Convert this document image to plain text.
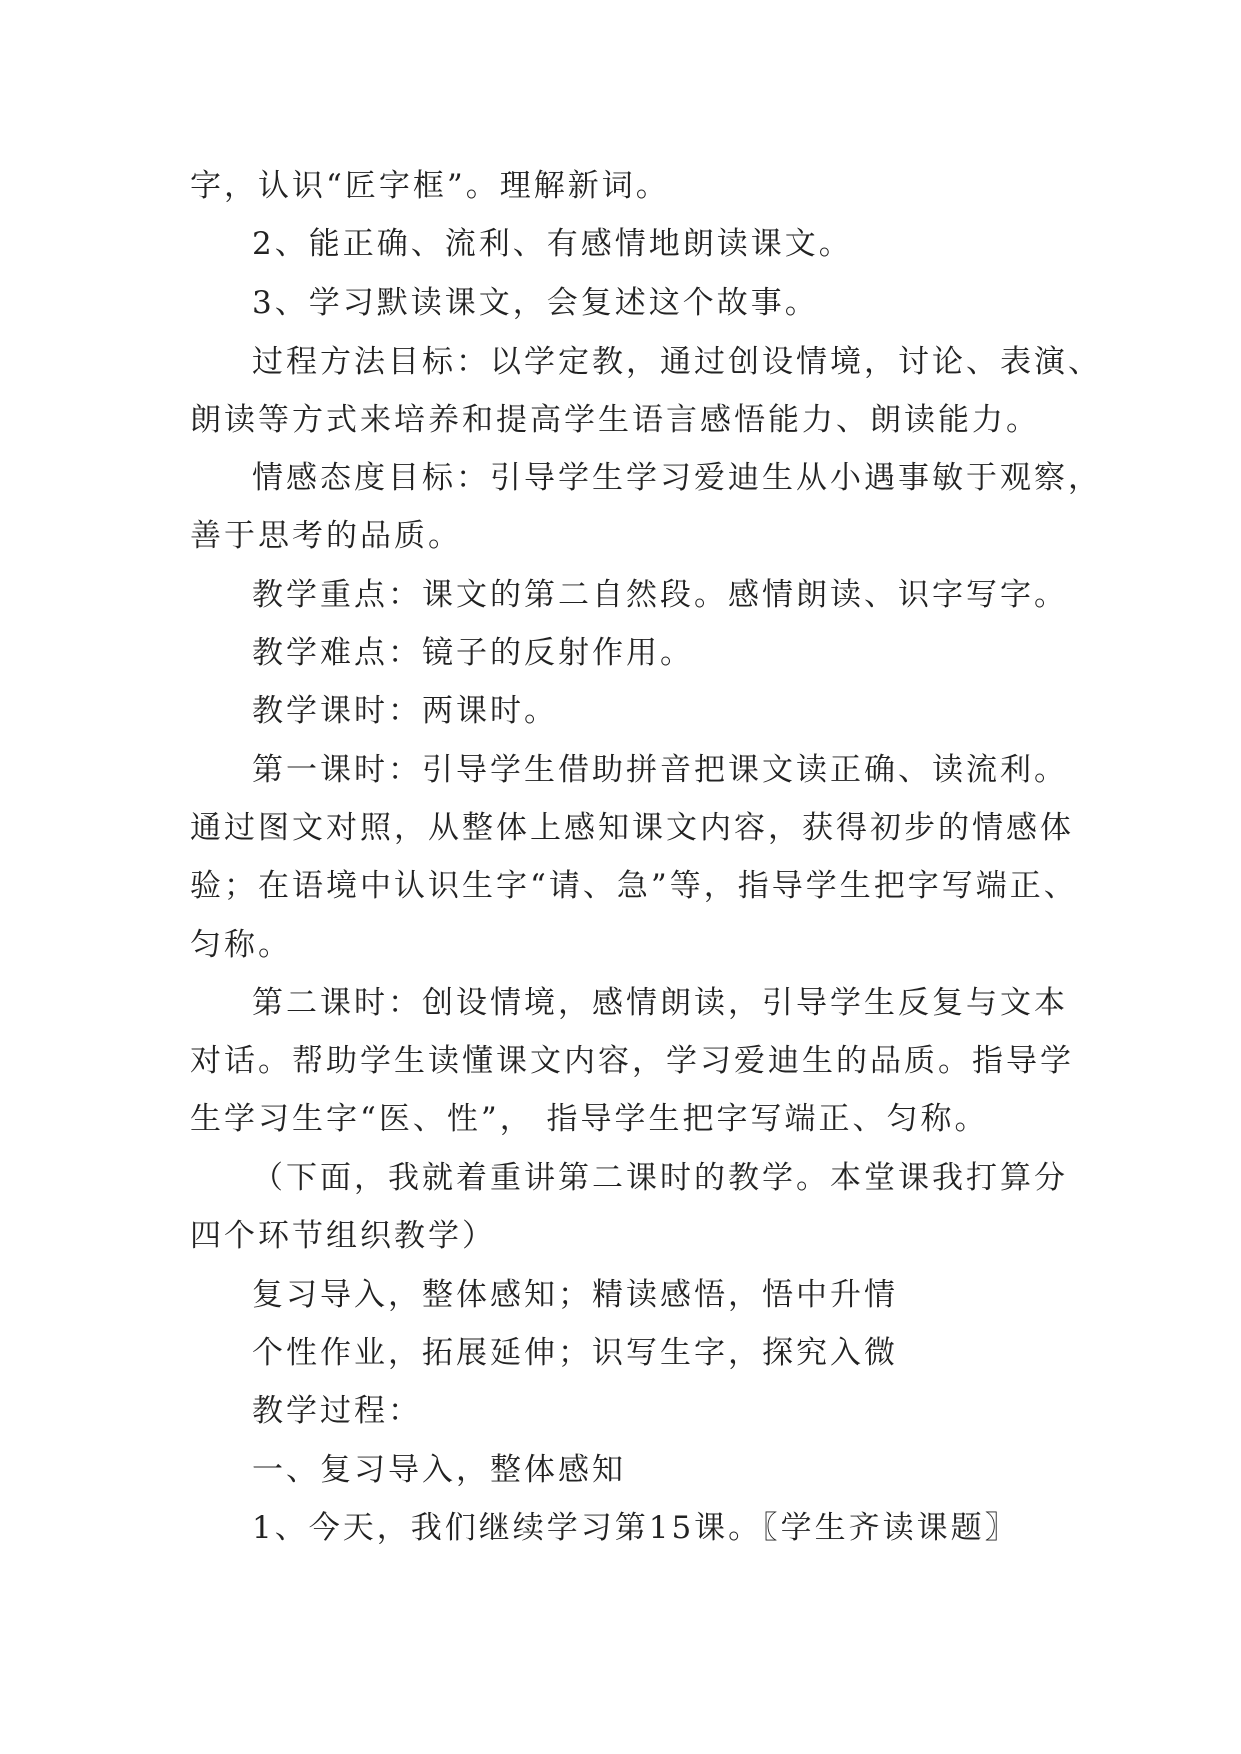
字，认识“匠字框”。理解新词。
2、能正确、流利、有感情地朗读课文。
3、学习默读课文，会复述这个故事。
过程方法目标：以学定教，通过创设情境，讨论、表演、
朗读等方式来培养和提高学生语言感悟能力、朗读能力。
情感态度目标：引导学生学习爱迪生从小遇事敏于观察，
善于思考的品质。
教学重点：课文的第二自然段。感情朗读、识字写字。
教学难点：镜子的反射作用。
教学课时：两课时。
第一课时：引导学生借助拼音把课文读正确、读流利。
通过图文对照，从整体上感知课文内容，获得初步的情感体
验；在语境中认识生字“请、急”等，指导学生把字写端正、
匀称。
第二课时：创设情境，感情朗读，引导学生反复与文本
对话。帮助学生读懂课文内容，学习爱迪生的品质。指导学
生学习生字“医、性”， 指导学生把字写端正、匀称。
（下面，我就着重讲第二课时的教学。本堂课我打算分
四个环节组织教学）
复习导入，整体感知；精读感悟，悟中升情
个性作业，拓展延伸；识写生字，探究入微
教学过程：
一、复习导入，整体感知
1、今天，我们继续学习第15课。〖学生齐读课题〗
